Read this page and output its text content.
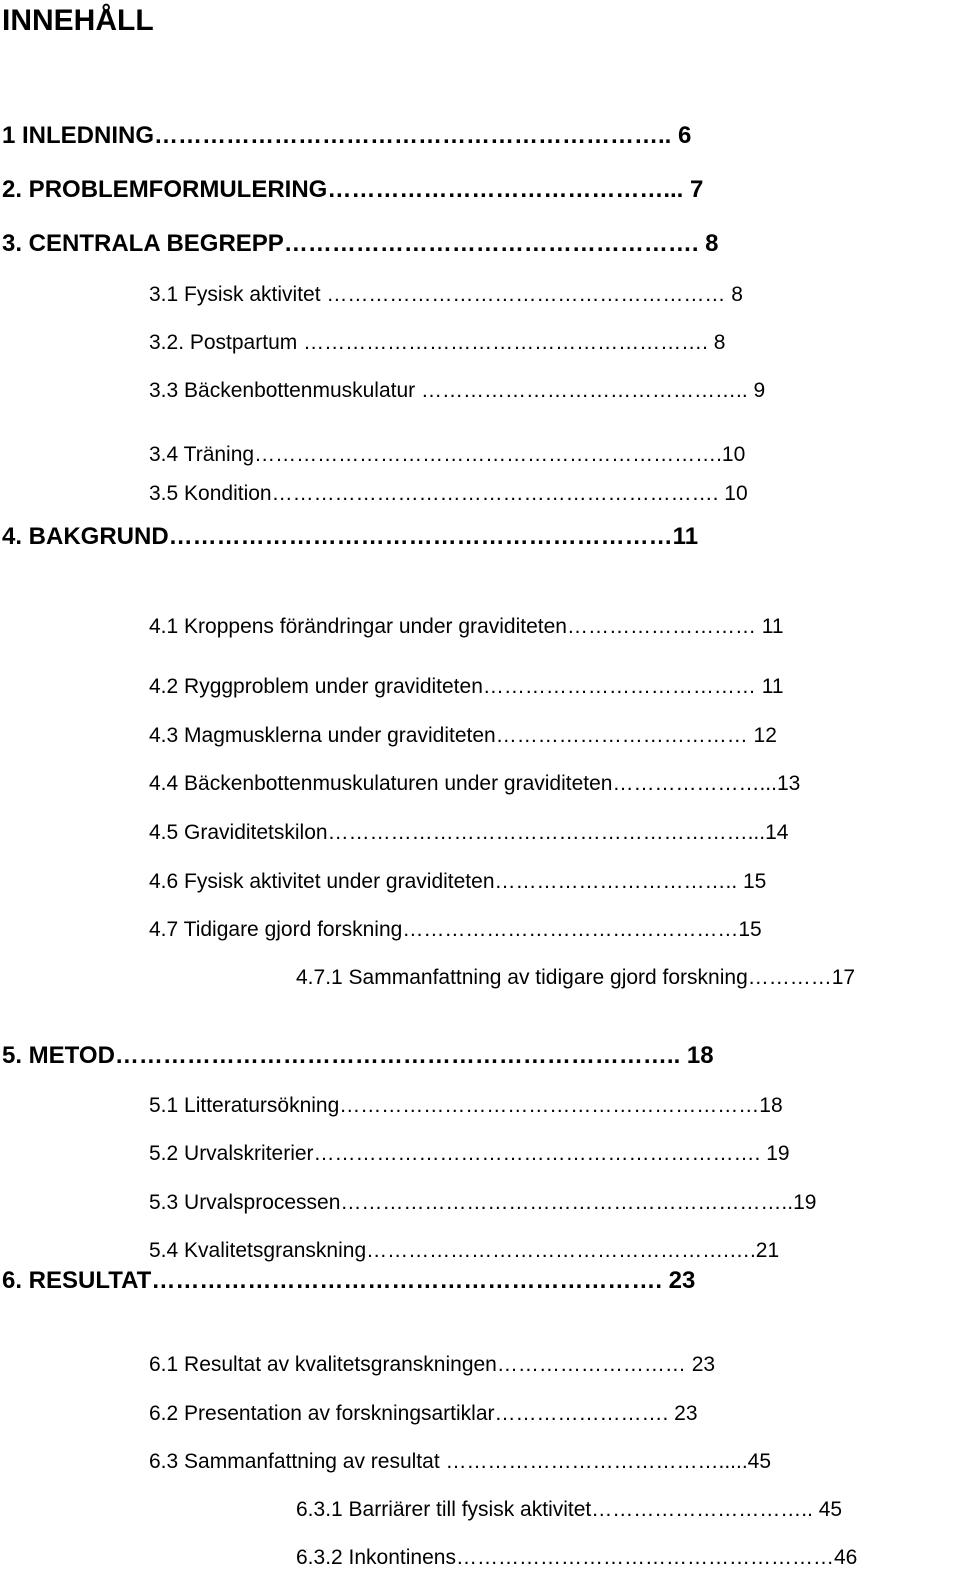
INNEHÅLL
1 INLEDNING……………………………………………………….. 6
2. PROBLEMFORMULERING……………………………………... 7
3. CENTRALA BEGREPP……………………………………………. 8
3.1 Fysisk aktivitet ………………………………………………… 8
3.2. Postpartum …………………………………………………. 8
3.3 Bäckenbottenmuskulatur ……………………………………….. 9
3.4 Träning………………………………………………………….10
3.5 Kondition………………………………………………………. 10
4. BAKGRUND………………………………………………………11
4.1 Kroppens förändringar under graviditeten……………………… 11
4.2 Ryggproblem under graviditeten………………………………… 11
4.3 Magmusklerna under graviditeten……………………………… 12
4.4 Bäckenbottenmuskulaturen under graviditeten…………………...13
4.5 Graviditetskilon……………………………………………………...14
4.6 Fysisk aktivitet under graviditeten…………………………….. 15
4.7 Tidigare gjord forskning…………………………………………15
4.7.1 Sammanfattning av tidigare gjord forskning…………17
5. METOD…………………………………………………………….. 18
5.1 Litteratursökning……………………………………………………18
5.2 Urvalskriterier………………………………………………………. 19
5.3 Urvalsprocessen………………………………………………………..19
5.4 Kvalitetsgranskning…………………………………………….….21
6. RESULTAT………………………………………………………. 23
6.1 Resultat av kvalitetsgranskningen……………………… 23
6.2 Presentation av forskningsartiklar……………………. 23
6.3 Sammanfattning av resultat ………………………………….....45
6.3.1 Barriärer till fysisk aktivitet………………………….. 45
6.3.2 Inkontinens………………………………………………46
